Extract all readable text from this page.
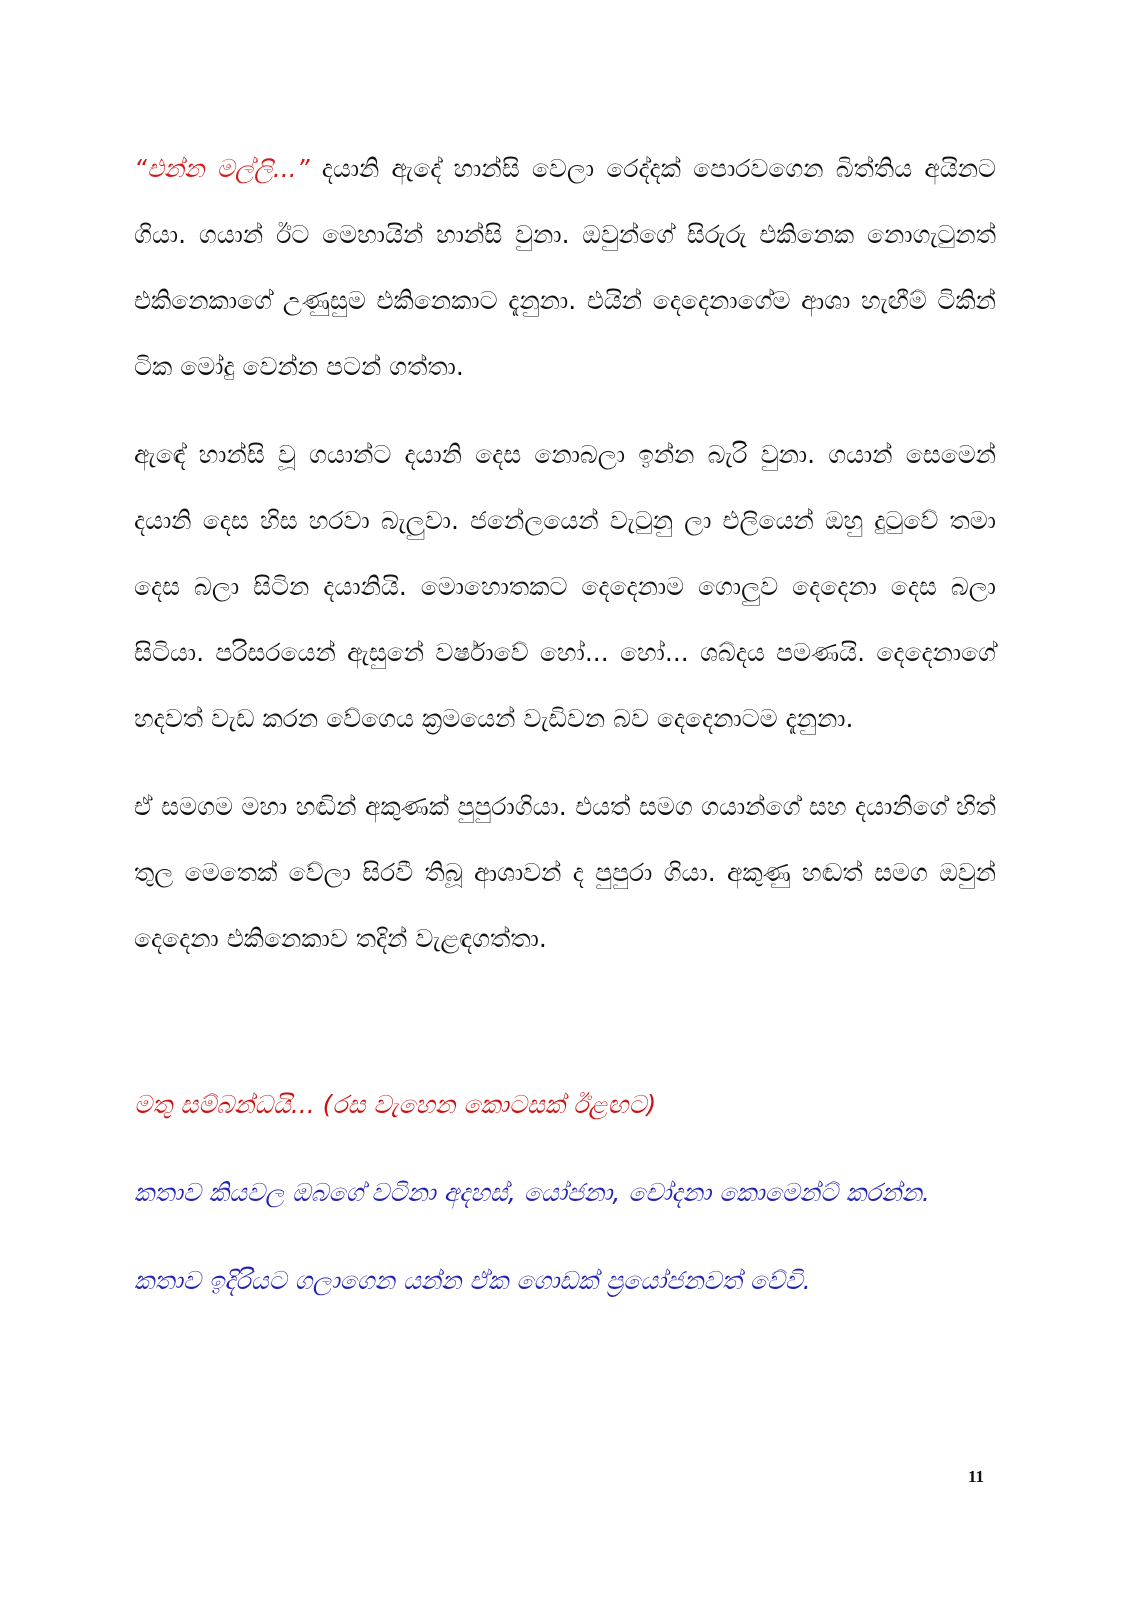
“එන්න මල්ලි...” දයානි ඇදේ හාන්සි වෙලා රෙද්දක් පොරවගෙන බිත්තිය අයිනට ගියා. ගයාන් ඊට මෙහායින් හාන්සි වුනා. ඔවුන්ගේ සිරුරු එකිනෙක නොගැටුනත් එකිනෙකාගේ උණුසුම එකිනෙකාට දැනුනා. එයින් දෙදෙනාගේම ආශා හැඟීම් ටිකින් ටික මෝදු වෙන්න පටන් ගත්තා.

ඇඳේ හාන්සි වූ ගයාන්ට දයානි දෙස නොබලා ඉන්න බැරි වුනා. ගයාන් සෙමෙන් දයානි දෙස හිස හරවා බැලුවා. ජනේලයෙන් වැටුනු ලා එලියෙන් ඔහු දුටුවේ තමා දෙස බලා සිටින දයානියි. මොහොතකට දෙදෙනාම ගොලුව දෙදෙනා දෙස බලා සිටියා. පරිසරයෙන් ඇසුනේ වර්ෂාවේ හෝ... හෝ... ශබ්දය පමණයි. දෙදෙනාගේ හදවත් වැඩ කරන වේගෙය ක්‍රමයෙන් වැඩිවන බව දෙදෙනාටම දැනුනා.

ඒ සමගම මහා හඬින් අකුණක් පුපුරාගියා. එයත් සමග ගයාන්ගේ සහ දයානිගේ හිත් තුල මෙතෙක් වේලා සිරවී තිබූ ආශාවන් ද පුපුරා ගියා. අකුණු හඬත් සමග ඔවුන් දෙදෙනා එකිනෙකාව තදින් වැළඳගත්තා.

මතු සම්බන්ධයි... (රස වැහෙන කොටසක් ඊළඟට)

කතාව කියවල ඔබගේ වටිනා අදහස්, යෝජනා, චෝදනා කොමෙන්ට් කරන්න.

කතාව ඉදිරියට ගලාගෙන යන්න ඒක ගොඩක් ප්‍රයෝජනවත් වේවි.

11
